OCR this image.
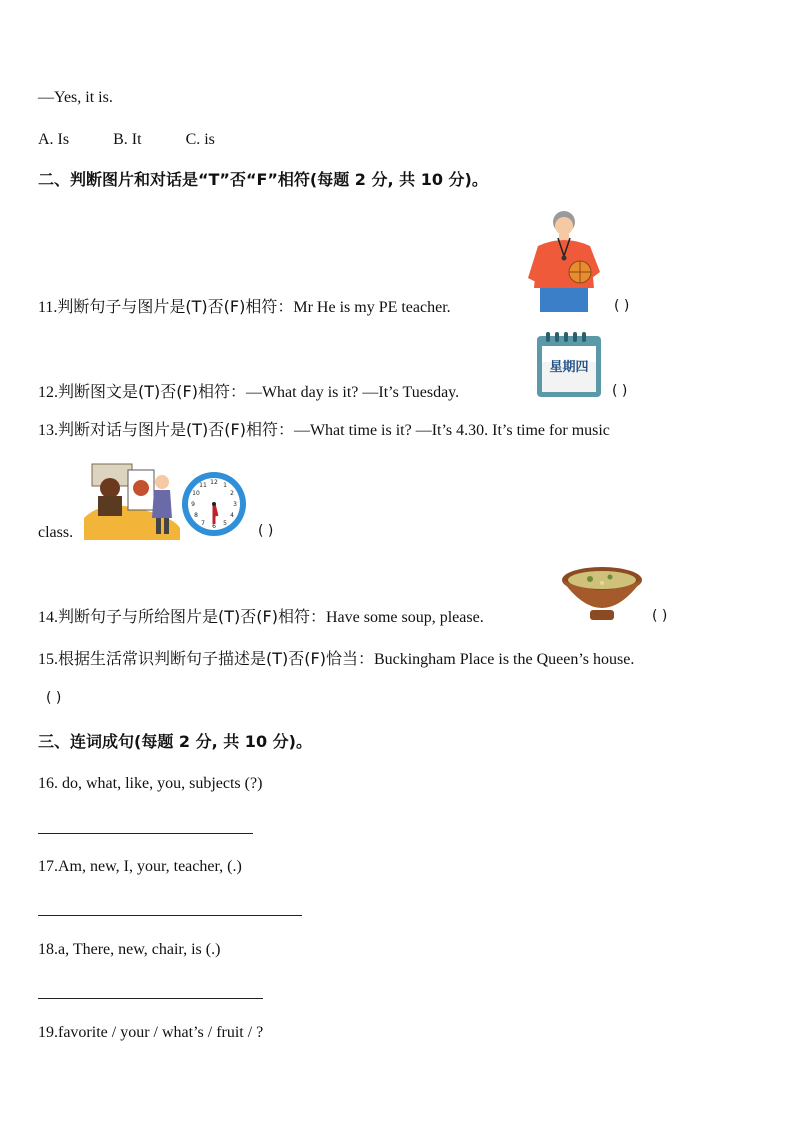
—Yes, it is.
A. Is	B. It	C. is
二、判断图片和对话是“T”否“F”相符(每题 2 分, 共 10 分)。
11.判断句子与图片是(T)否(F)相符：Mr He is my PE teacher.	( )
星期四
12.判断图文是(T)否(F)相符：—What day is it? —It’s Tuesday.	( )
13.判断对话与图片是(T)否(F)相符：—What time is it? —It’s 4.30. It’s time for music
12 1
2
3
4
5
6
7
8
9
10
11
class.	( )
14.判断句子与所给图片是(T)否(F)相符：Have some soup, please.	( )
15.根据生活常识判断句子描述是(T)否(F)恰当：Buckingham Place is the Queen’s house.
( )
三、连词成句(每题 2 分, 共 10 分)。
16. do, what, like, you, subjects (?)
17.Am, new, I, your, teacher, (.)
18.a, There, new, chair, is (.)
19.favorite / your / what’s / fruit / ?
